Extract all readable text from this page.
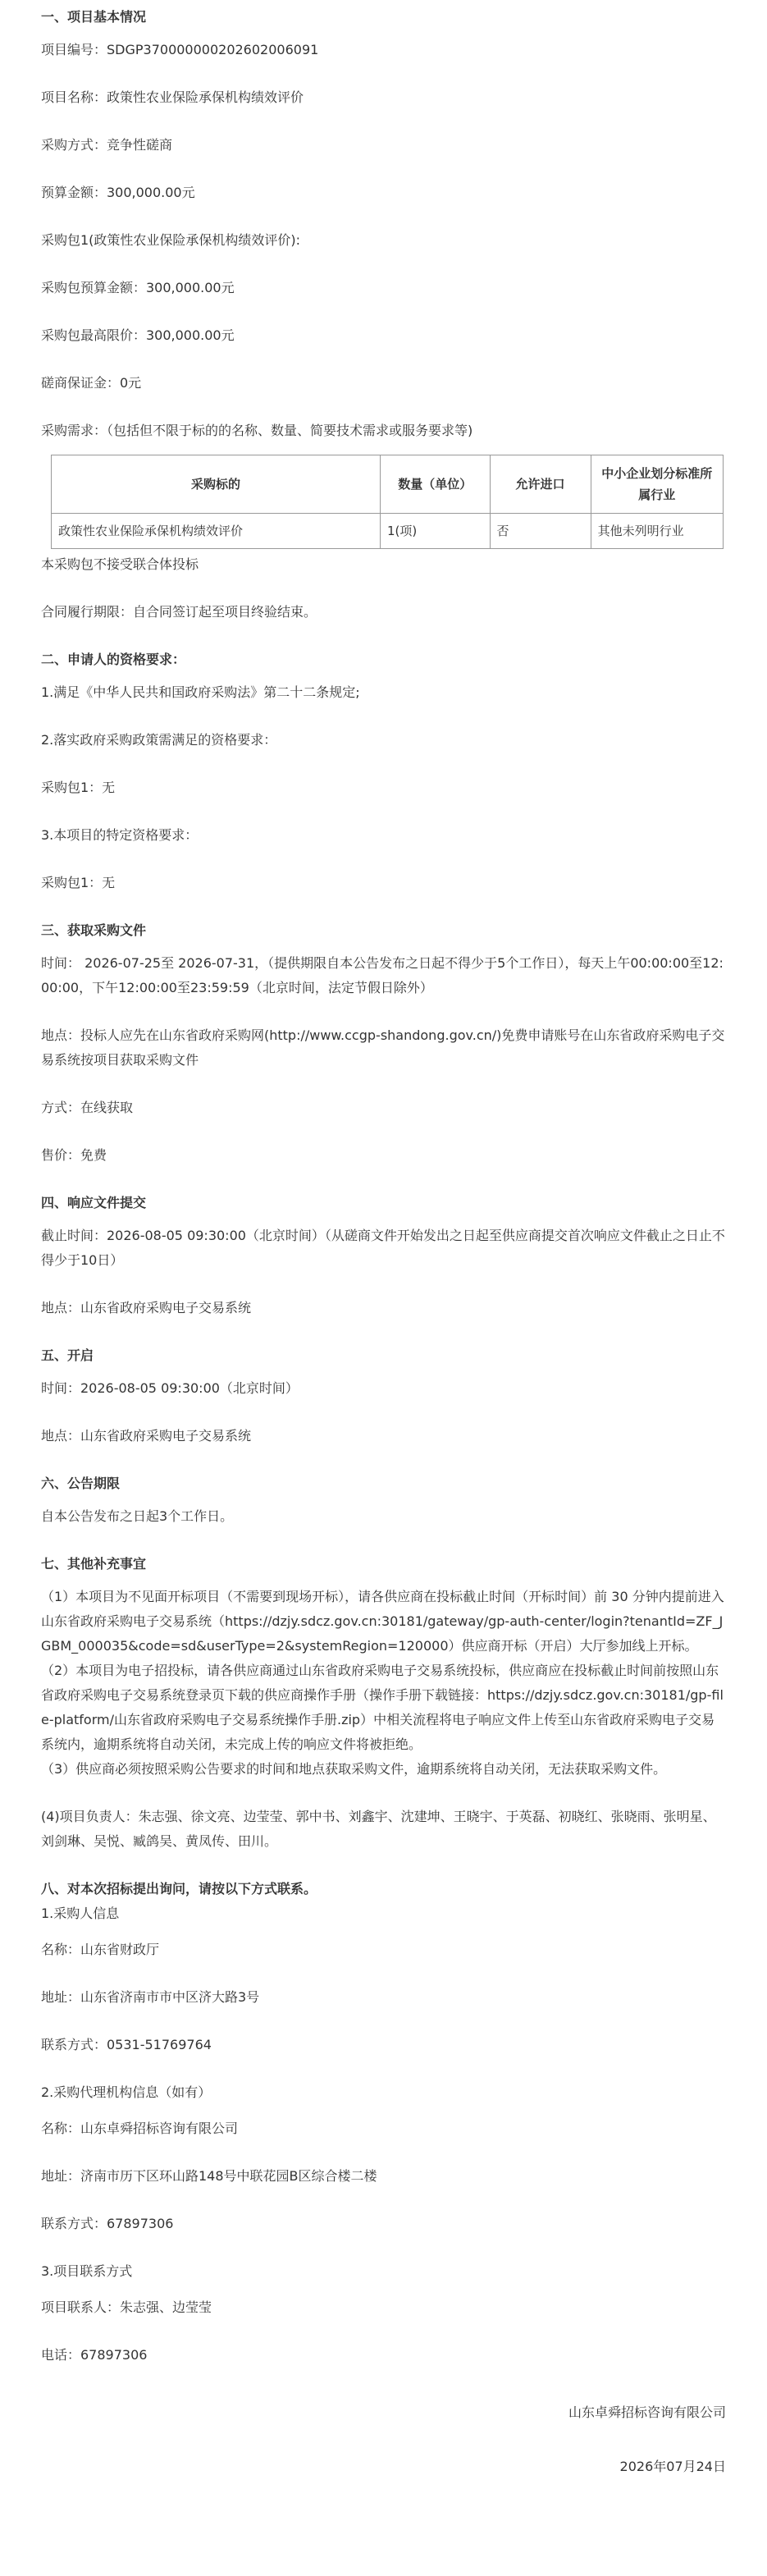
一、项目基本情况

项目编号：SDGP370000000202602006091

项目名称：政策性农业保险承保机构绩效评价

采购方式：竞争性磋商

预算金额：300,000.00元

采购包1(政策性农业保险承保机构绩效评价):

采购包预算金额：300,000.00元

采购包最高限价：300,000.00元

磋商保证金：0元

采购需求：（包括但不限于标的的名称、数量、简要技术需求或服务要求等)

采购标的	数量（单位）	允许进口	中小企业划分标准所属行业
政策性农业保险承保机构绩效评价	1(项)	否	其他未列明行业

本采购包不接受联合体投标

合同履行期限：自合同签订起至项目终验结束。

二、申请人的资格要求：

1.满足《中华人民共和国政府采购法》第二十二条规定;

2.落实政府采购政策需满足的资格要求：

采购包1：无

3.本项目的特定资格要求：

采购包1：无

三、获取采购文件

时间： 2026-07-25至 2026-07-31，（提供期限自本公告发布之日起不得少于5个工作日），每天上午00:00:00至12:00:00，下午12:00:00至23:59:59（北京时间，法定节假日除外）

地点：投标人应先在山东省政府采购网(http://www.ccgp-shandong.gov.cn/)免费申请账号在山东省政府采购电子交易系统按项目获取采购文件

方式：在线获取

售价：免费

四、响应文件提交

截止时间：2026-08-05 09:30:00（北京时间）（从磋商文件开始发出之日起至供应商提交首次响应文件截止之日止不得少于10日）

地点：山东省政府采购电子交易系统

五、开启

时间：2026-08-05 09:30:00（北京时间）

地点：山东省政府采购电子交易系统

六、公告期限

自本公告发布之日起3个工作日。

七、其他补充事宜

（1）本项目为不见面开标项目（不需要到现场开标），请各供应商在投标截止时间（开标时间）前 30 分钟内提前进入山东省政府采购电子交易系统（https://dzjy.sdcz.gov.cn:30181/gateway/gp-auth-center/login?tenantId=ZF_JGBM_000035&code=sd&userType=2&systemRegion=120000）供应商开标（开启）大厅参加线上开标。

（2）本项目为电子招投标，请各供应商通过山东省政府采购电子交易系统投标，供应商应在投标截止时间前按照山东省政府采购电子交易系统登录页下载的供应商操作手册（操作手册下载链接：https://dzjy.sdcz.gov.cn:30181/gp-file-platform/山东省政府采购电子交易系统操作手册.zip）中相关流程将电子响应文件上传至山东省政府采购电子交易系统内，逾期系统将自动关闭，未完成上传的响应文件将被拒绝。

（3）供应商必须按照采购公告要求的时间和地点获取采购文件，逾期系统将自动关闭，无法获取采购文件。

(4)项目负责人：朱志强、徐文亮、边莹莹、郭中书、刘鑫宇、沈建坤、王晓宇、于英磊、初晓红、张晓雨、张明星、刘剑琳、吴悦、臧鸽吴、黄凤传、田川。

八、对本次招标提出询问，请按以下方式联系。

1.采购人信息

名称：山东省财政厅

地址：山东省济南市市中区济大路3号

联系方式：0531-51769764

2.采购代理机构信息（如有）

名称：山东卓舜招标咨询有限公司

地址：济南市历下区环山路148号中联花园B区综合楼二楼

联系方式：67897306

3.项目联系方式

项目联系人：朱志强、边莹莹

电话：67897306

山东卓舜招标咨询有限公司

2026年07月24日
